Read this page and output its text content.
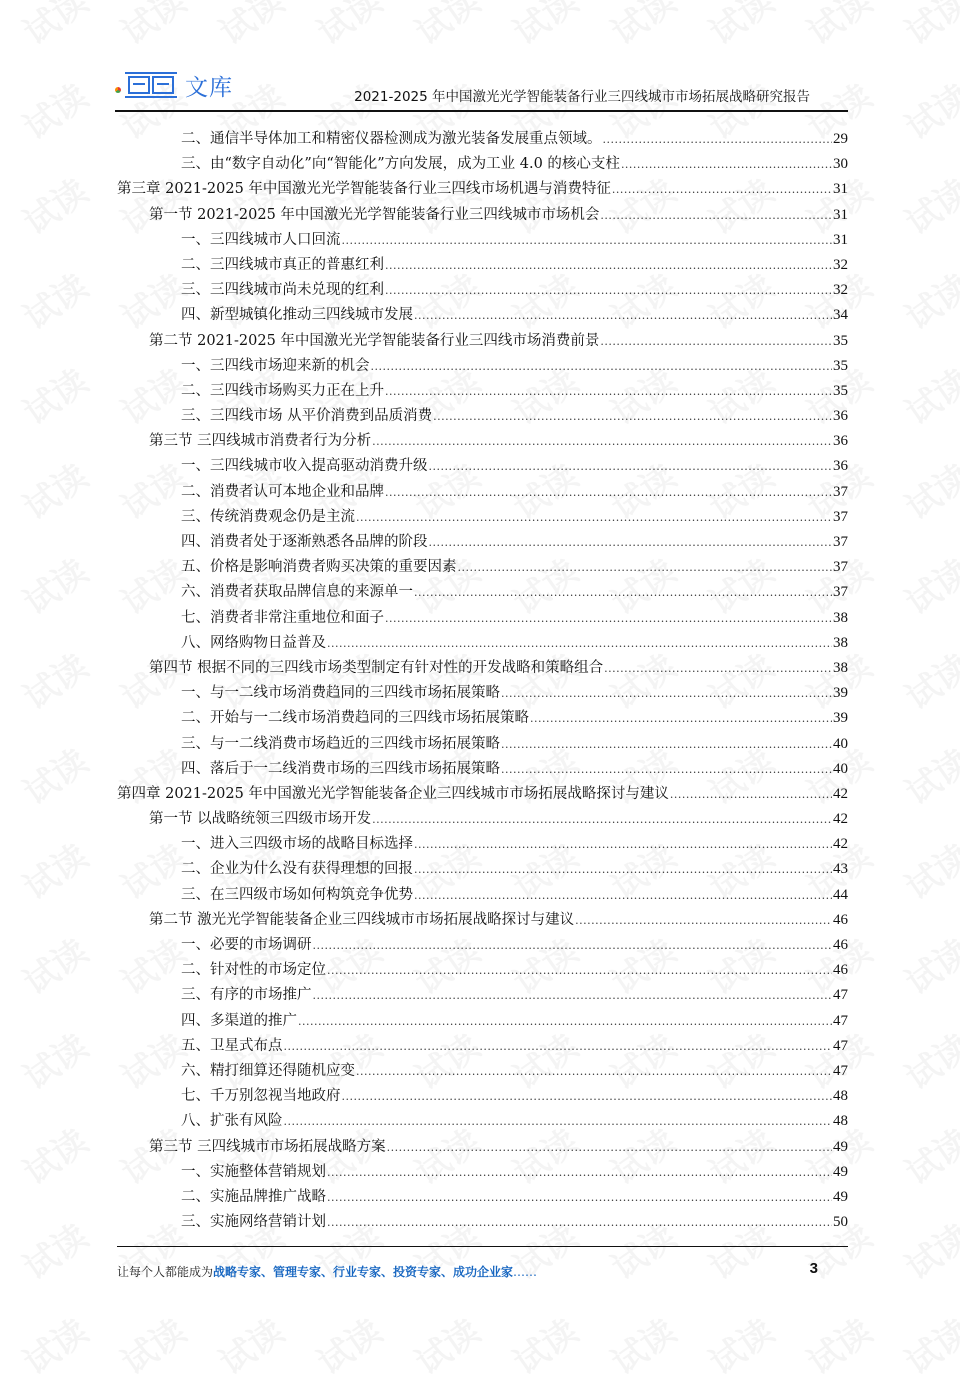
文库	2021-2025 年中国激光光学智能装备行业三四线城市市场拓展战略研究报告
二、通信半导体加工和精密仪器检测成为激光装备发展重点领域。 .....	29
三、由“数字自动化”向“智能化”方向发展，成为工业 4.0 的核心支柱 .....	30
第三章 2021-2025 年中国激光光学智能装备行业三四线市场机遇与消费特征 .....	31
第一节 2021-2025 年中国激光光学智能装备行业三四线城市市场机会 .....	31
一、三四线城市人口回流 .....	31
二、三四线城市真正的普惠红利 .....	32
三、三四线城市尚未兑现的红利 .....	32
四、新型城镇化推动三四线城市发展 .....	34
第二节 2021-2025 年中国激光光学智能装备行业三四线市场消费前景 .....	35
一、三四线市场迎来新的机会 .....	35
二、三四线市场购买力正在上升 .....	35
三、三四线市场 从平价消费到品质消费 .....	36
第三节 三四线城市消费者行为分析 .....	36
一、三四线城市收入提高驱动消费升级 .....	36
二、消费者认可本地企业和品牌 .....	37
三、传统消费观念仍是主流 .....	37
四、消费者处于逐渐熟悉各品牌的阶段 .....	37
五、价格是影响消费者购买决策的重要因素 .....	37
六、消费者获取品牌信息的来源单一 .....	37
七、消费者非常注重地位和面子 .....	38
八、网络购物日益普及 .....	38
第四节 根据不同的三四线市场类型制定有针对性的开发战略和策略组合 .....	38
一、与一二线市场消费趋同的三四线市场拓展策略 .....	39
二、开始与一二线市场消费趋同的三四线市场拓展策略 .....	39
三、与一二线消费市场趋近的三四线市场拓展策略 .....	40
四、落后于一二线消费市场的三四线市场拓展策略 .....	40
第四章 2021-2025 年中国激光光学智能装备企业三四线城市市场拓展战略探讨与建议 .....	42
第一节 以战略统领三四级市场开发 .....	42
一、进入三四级市场的战略目标选择 .....	42
二、企业为什么没有获得理想的回报 .....	43
三、在三四级市场如何构筑竞争优势 .....	44
第二节 激光光学智能装备企业三四线城市市场拓展战略探讨与建议 .....	46
一、必要的市场调研 .....	46
二、针对性的市场定位 .....	46
三、有序的市场推广 .....	47
四、多渠道的推广 .....	47
五、卫星式布点 .....	47
六、精打细算还得随机应变 .....	47
七、千万别忽视当地政府 .....	48
八、扩张有风险 .....	48
第三节 三四线城市市场拓展战略方案 .....	49
一、实施整体营销规划 .....	49
二、实施品牌推广战略 .....	49
三、实施网络营销计划 .....	50
让每个人都能成为战略专家、管理专家、行业专家、投资专家、成功企业家……	3
